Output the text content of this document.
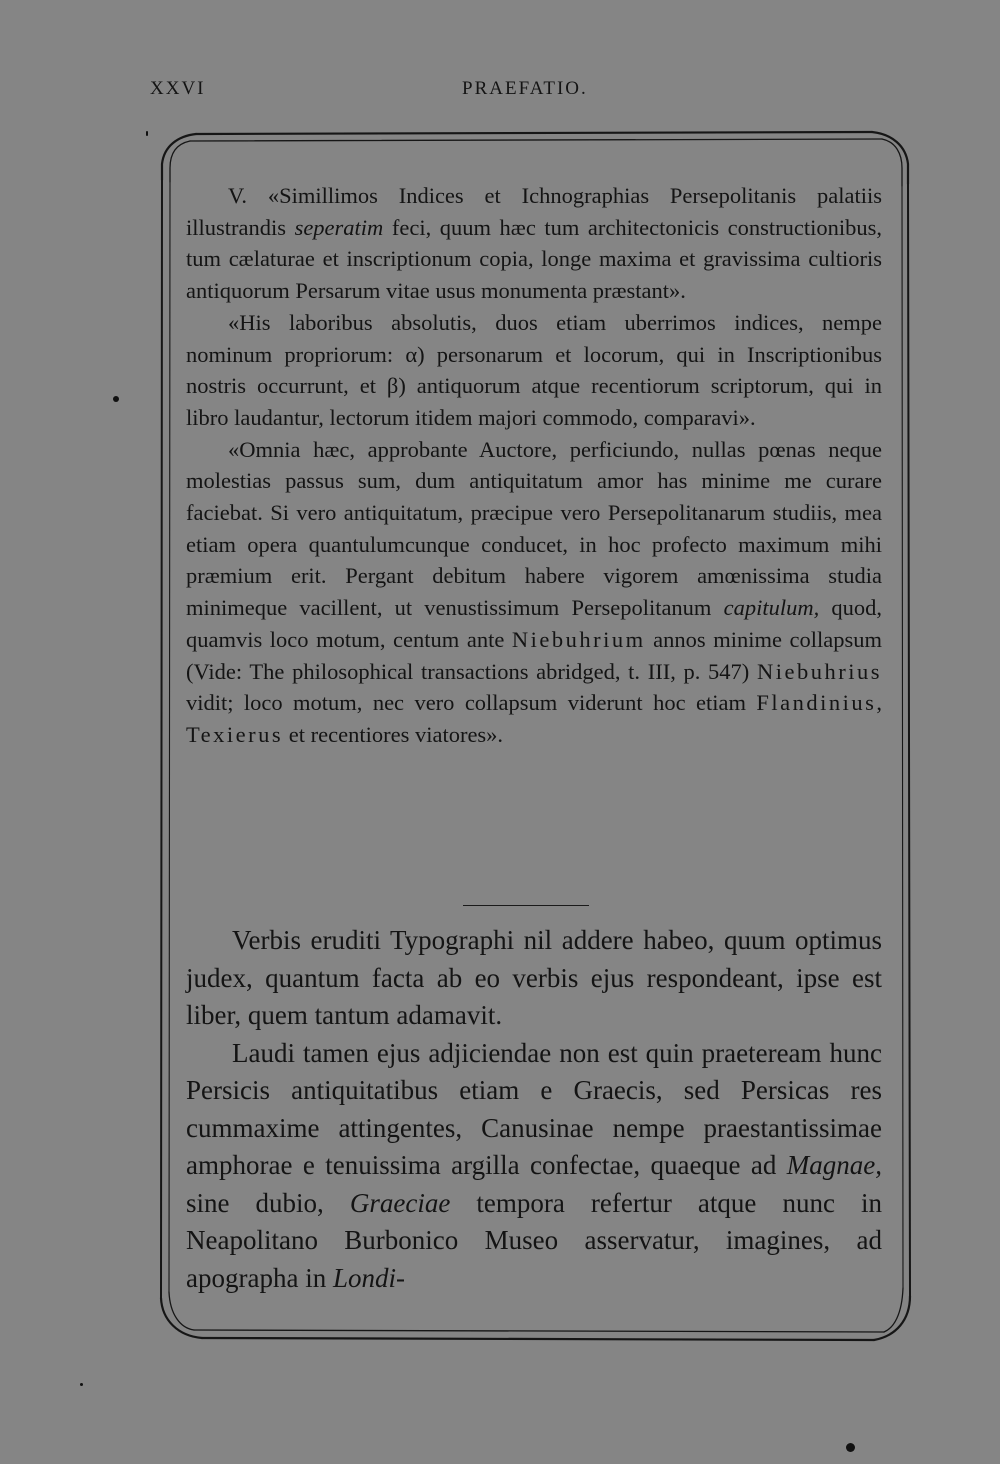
XXVI	PRAEFATIO.

V. «Simillimos Indices et Ichnographias Persepolitanis palatiis illustrandis seperatim feci, quum hæc tum architectonicis constructionibus, tum cælaturae et inscriptionum copia, longe maxima et gravissima cultioris antiquorum Persarum vitae usus monumenta præstant».

«His laboribus absolutis, duos etiam uberrimos indices, nempe nominum propriorum: α) personarum et locorum, qui in Inscriptionibus nostris occurrunt, et β) antiquorum atque recentiorum scriptorum, qui in libro laudantur, lectorum itidem majori commodo, comparavi».

«Omnia hæc, approbante Auctore, perficiundo, nullas pœnas neque molestias passus sum, dum antiquitatum amor has minime me curare faciebat. Si vero antiquitatum, præcipue vero Persepolitanarum studiis, mea etiam opera quantulumcunque conducet, in hoc profecto maximum mihi præmium erit. Pergant debitum habere vigorem amœnissima studia minimeque vacillent, ut venustissimum Persepolitanum capitulum, quod, quamvis loco motum, centum ante Niebuhrium annos minime collapsum (Vide: The philosophical transactions abridged, t. III, p. 547) Niebuhrius vidit; loco motum, nec vero collapsum viderunt hoc etiam Flandinius, Texierus et recentiores viatores».

Verbis eruditi Typographi nil addere habeo, quum optimus judex, quantum facta ab eo verbis ejus respondeant, ipse est liber, quem tantum adamavit.

Laudi tamen ejus adjiciendae non est quin praeteream hunc Persicis antiquitatibus etiam e Graecis, sed Persicas res cummaxime attingentes, Canusinae nempe praestantissimae amphorae e tenuissima argilla confectae, quaeque ad Magnae, sine dubio, Graeciae tempora refertur atque nunc in Neapolitano Burbonico Museo asservatur, imagines, ad apographa in Londi-
